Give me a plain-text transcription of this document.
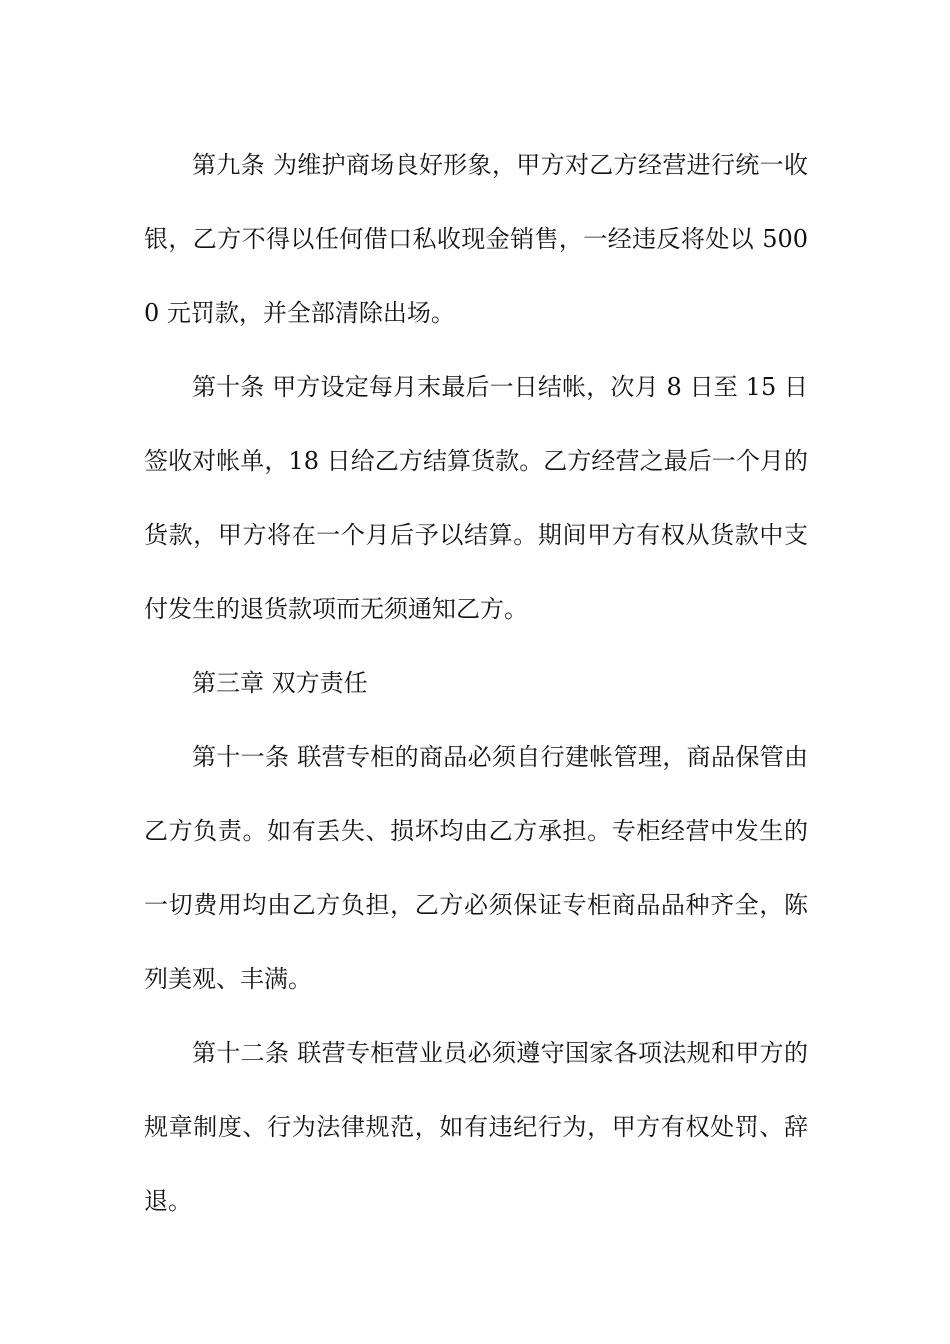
第九条 为维护商场良好形象，甲方对乙方经营进行统一收银，乙方不得以任何借口私收现金销售，一经违反将处以 5000 元罚款，并全部清除出场。

第十条 甲方设定每月末最后一日结帐，次月 8 日至 15 日签收对帐单，18 日给乙方结算货款。乙方经营之最后一个月的货款，甲方将在一个月后予以结算。期间甲方有权从货款中支付发生的退货款项而无须通知乙方。

第三章 双方责任

第十一条 联营专柜的商品必须自行建帐管理，商品保管由乙方负责。如有丢失、损坏均由乙方承担。专柜经营中发生的一切费用均由乙方负担，乙方必须保证专柜商品品种齐全，陈列美观、丰满。

第十二条 联营专柜营业员必须遵守国家各项法规和甲方的规章制度、行为法律规范，如有违纪行为，甲方有权处罚、辞退。
